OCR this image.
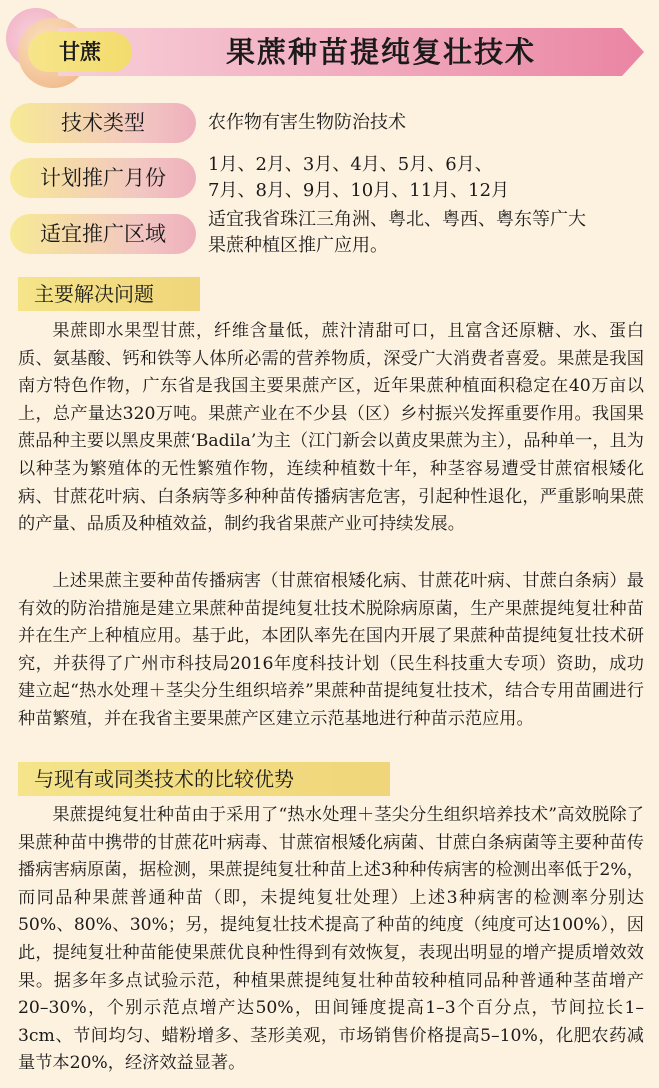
甘蔗	果蔗种苗提纯复壮技术
技术类型	农作物有害生物防治技术
计划推广月份
1月、2月、3月、4月、5月、6月、
7月、8月、9月、10月、11月、12月
适宜推广区域
适宜我省珠江三角洲、粤北、粤西、粤东等广大
果蔗种植区推广应用。
主要解决问题

果蔗即水果型甘蔗，纤维含量低，蔗汁清甜可口，且富含还原糖、水、蛋白质、氨基酸、钙和铁等人体所必需的营养物质，深受广大消费者喜爱。果蔗是我国南方特色作物，广东省是我国主要果蔗产区，近年果蔗种植面积稳定在40万亩以上，总产量达320万吨。果蔗产业在不少县（区）乡村振兴发挥重要作用。我国果蔗品种主要以黑皮果蔗‘Badila’为主（江门新会以黄皮果蔗为主），品种单一，且为以种茎为繁殖体的无性繁殖作物，连续种植数十年，种茎容易遭受甘蔗宿根矮化病、甘蔗花叶病、白条病等多种种苗传播病害危害，引起种性退化，严重影响果蔗的产量、品质及种植效益，制约我省果蔗产业可持续发展。

上述果蔗主要种苗传播病害（甘蔗宿根矮化病、甘蔗花叶病、甘蔗白条病）最有效的防治措施是建立果蔗种苗提纯复壮技术脱除病原菌，生产果蔗提纯复壮种苗并在生产上种植应用。基于此，本团队率先在国内开展了果蔗种苗提纯复壮技术研究，并获得了广州市科技局2016年度科技计划（民生科技重大专项）资助，成功建立起“热水处理＋茎尖分生组织培养”果蔗种苗提纯复壮技术，结合专用苗圃进行种苗繁殖，并在我省主要果蔗产区建立示范基地进行种苗示范应用。

与现有或同类技术的比较优势

果蔗提纯复壮种苗由于采用了“热水处理＋茎尖分生组织培养技术”高效脱除了果蔗种苗中携带的甘蔗花叶病毒、甘蔗宿根矮化病菌、甘蔗白条病菌等主要种苗传播病害病原菌，据检测，果蔗提纯复壮种苗上述3种种传病害的检测出率低于2%，而同品种果蔗普通种苗（即，未提纯复壮处理）上述3种病害的检测率分别达50%、80%、30%；另，提纯复壮技术提高了种苗的纯度（纯度可达100%），因此，提纯复壮种苗能使果蔗优良种性得到有效恢复，表现出明显的增产提质增效效果。据多年多点试验示范，种植果蔗提纯复壮种苗较种植同品种普通种茎苗增产20–30%，个别示范点增产达50%，田间锤度提高1–3个百分点，节间拉长1–3cm、节间均匀、蜡粉增多、茎形美观，市场销售价格提高5–10%，化肥农药减量节本20%，经济效益显著。
